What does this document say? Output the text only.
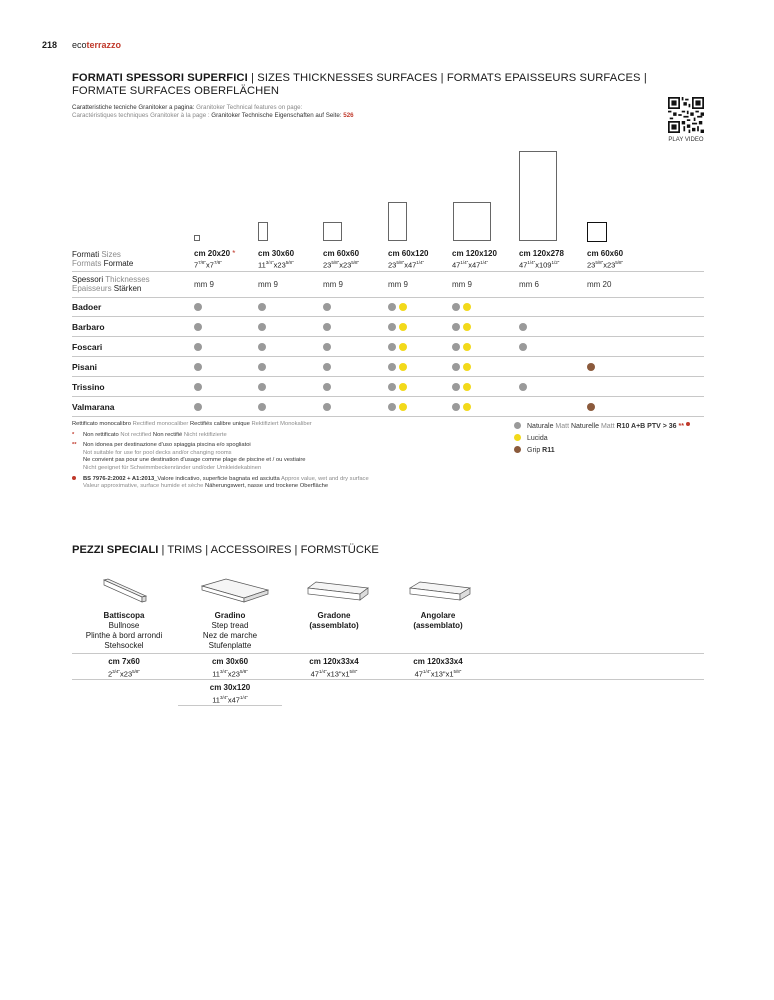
218 ecoterrazzo
FORMATI SPESSORI SUPERFICI | SIZES THICKNESSES SURFACES | FORMATS EPAISSEURS SURFACES |
FORMATE SURFACES OBERFLÄCHEN
Caratteristiche tecniche Granitoker a pagina: Granitoker Technical features on page:
Caractéristiques techniques Granitoker à la page : Granitoker Technische Eigenschaften auf Seite: 526
PLAY VIDEO
Formati Sizes
Formats Formate
Spessori Thicknesses
Epaisseurs Stärken
cm 20x20 *
$7^{7/8"}x7^{7/8"}$
mm 9
cm 30x60
$11^{3/4"}x23^{5/8"}$
mm 9
cm 60x60
$23^{5/8"}x23^{5/8"}$
mm 9
cm 60x120
$23^{5/8"}x47^{1/4"}$
mm 9
cm 120x120
$47^{1/4"}x47^{1/4"}$
mm 9
cm 120x278
$47^{1/4"}x109^{1/2"}$
mm 6
cm 60x60
$23^{5/8"}x23^{5/8"}$
mm 20
Badoer
Barbaro
Foscari
Pisani
Trissino
Valmarana
Rettificato monocalibro Rectified monocaliber Rectifiés calibre unique Rektifiziert Monokaliber
* Non rettificato Not rectified Non rectifié Nicht rektifizierte
**	Non idonea per destinazione d'uso spiaggia piscina e/o spogliatoi
Not suitable for use for pool decks and/or changing rooms
Ne convient pas pour une destination d'usage comme plage de piscine et / ou vestiaire
Nicht geeignet für Schwimmbeckenränder und/oder Umkleidekabinen
BS 7976-2:2002 + A1:2013_Valore indicativo, superficie bagnata ed asciutta Approx value, wet and dry surface
Valeur approximative, surface humide et sèche Näherungswert, nasse und trockene Oberfläche
Naturale Matt Naturelle Matt R10 A+B PTV > 36 **
Lucida
Grip R11
PEZZI SPECIALI | TRIMS | ACCESSOIRES | FORMSTÜCKE
Battiscopa
Bullnose
Plinthe à bord arrondi
Stehsockel
cm 7x60
$2^{3/4"}x23^{5/8"}$
Gradino
Step tread
Nez de marche
Stufenplatte
cm 30x60
$11^{3/4"}x23^{5/8"}$
cm 30x120
$11^{3/4"}x47^{1/4"}$
Gradone
(assemblato)
cm 120x33x4
$47^{1/4"}x13"x1^{5/8"}$
Angolare
(assemblato)
cm 120x33x4
$47^{1/4"}x13"x1^{5/8"}$
